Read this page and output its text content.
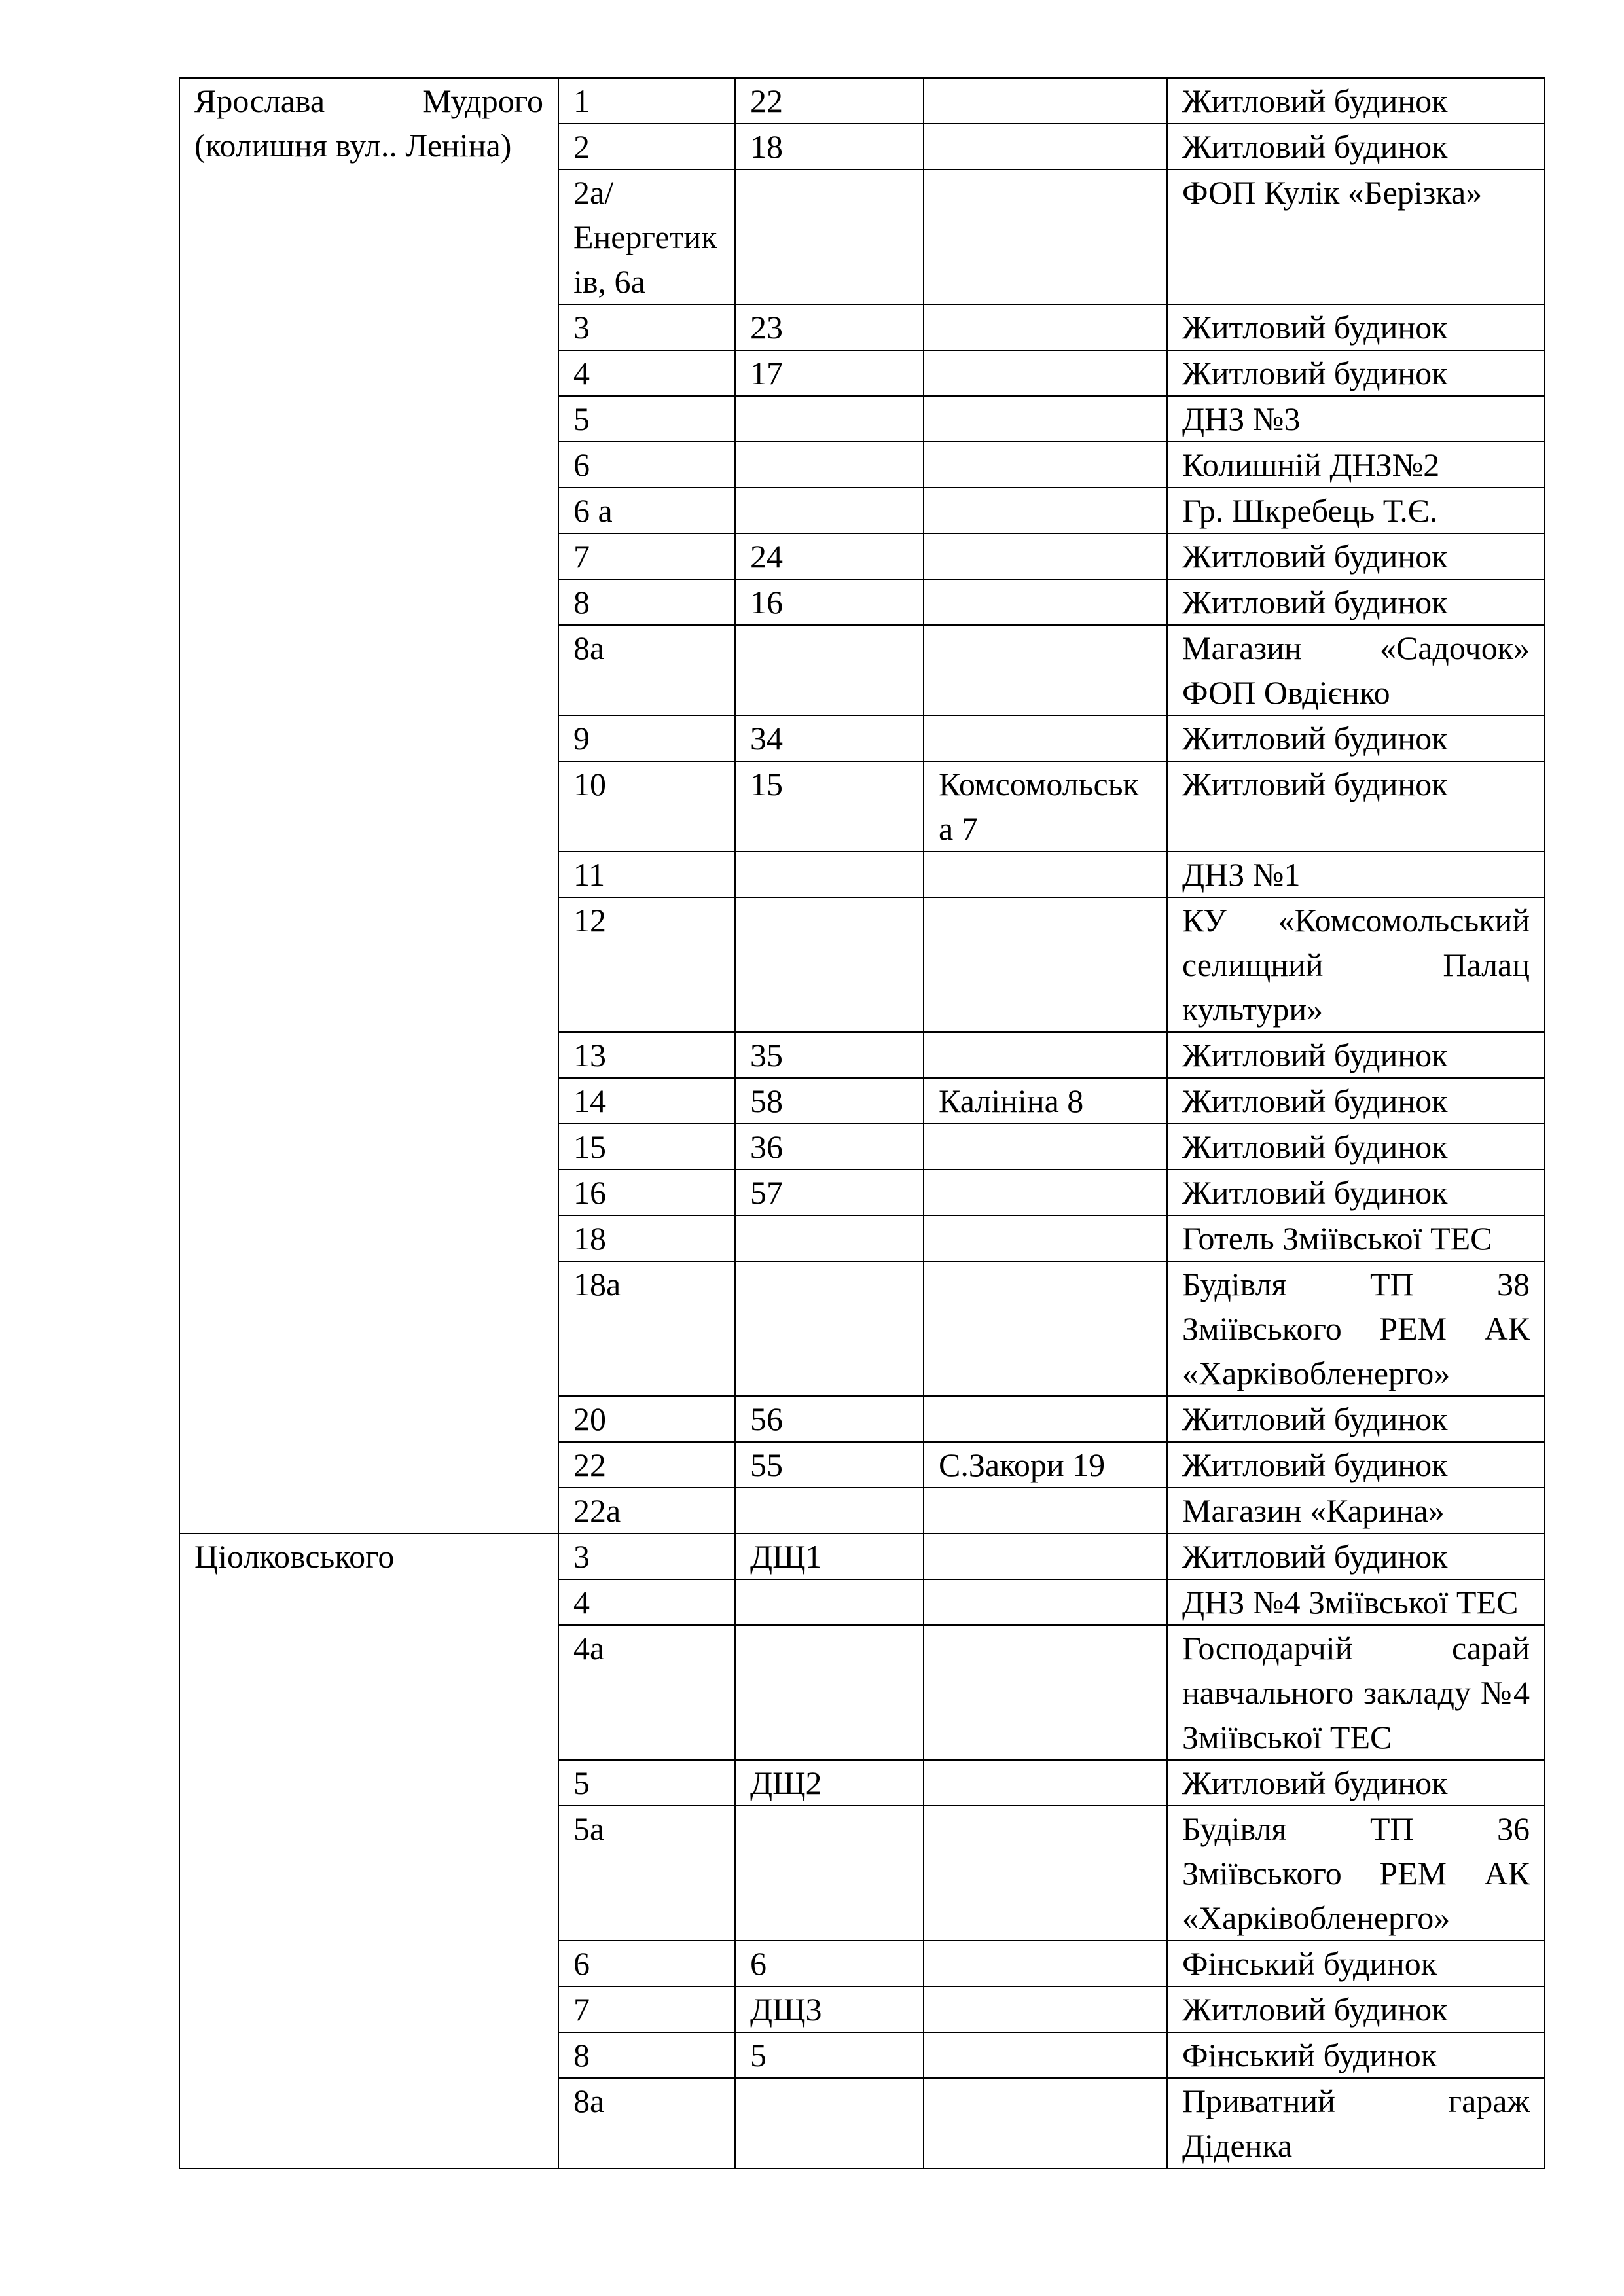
Ярослава Мудрого (колишня вул.. Леніна)	1	22		Житловий будинок
	2	18		Житловий будинок
	2а/Енергетиків, 6а			ФОП Кулік «Берізка»
	3	23		Житловий будинок
	4	17		Житловий будинок
	5			ДНЗ №3
	6			Колишній ДНЗ№2
	6 а			Гр. Шкребець Т.Є.
	7	24		Житловий будинок
	8	16		Житловий будинок
	8а			Магазин «Садочок» ФОП Овдієнко
	9	34		Житловий будинок
	10	15	Комсомольська 7	Житловий будинок
	11			ДНЗ №1
	12			КУ «Комсомольський селищний Палац культури»
	13	35		Житловий будинок
	14	58	Калініна 8	Житловий будинок
	15	36		Житловий будинок
	16	57		Житловий будинок
	18			Готель Зміївської ТЕС
	18а			Будівля ТП 38 Зміївського РЕМ АК «Харківобленерго»
	20	56		Житловий будинок
	22	55	С.Закори 19	Житловий будинок
	22а			Магазин «Карина»
Ціолковського	3	ДЩ1		Житловий будинок
	4			ДНЗ №4 Зміївської ТЕС
	4а			Господарчій сарай навчального закладу №4 Зміївської ТЕС
	5	ДЩ2		Житловий будинок
	5а			Будівля ТП 36 Зміївського РЕМ АК «Харківобленерго»
	6	6		Фінський будинок
	7	ДЩ3		Житловий будинок
	8	5		Фінський будинок
	8а			Приватний гараж Діденка
